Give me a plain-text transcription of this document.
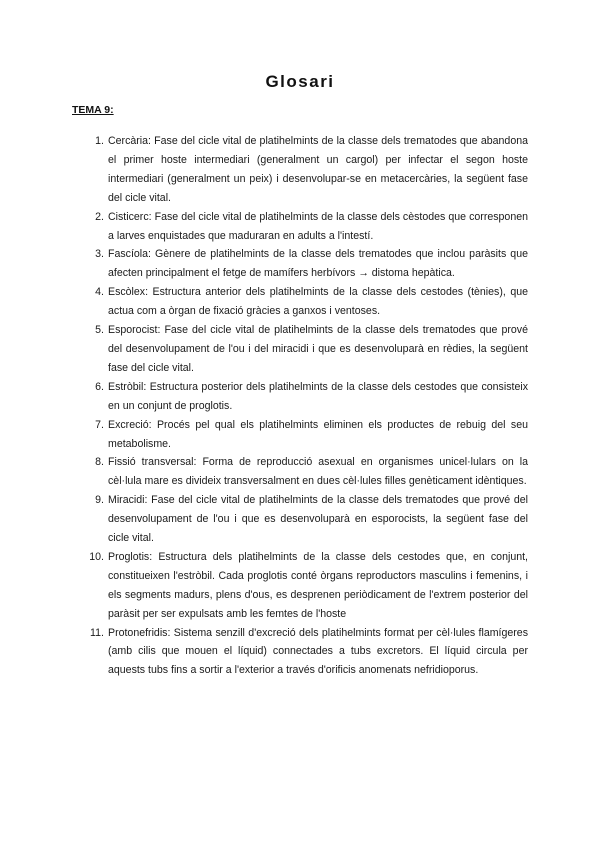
Glosari
TEMA 9:
1. Cercària: Fase del cicle vital de platihelmints de la classe dels trematodes que abandona el primer hoste intermediari (generalment un cargol) per infectar el segon hoste intermediari (generalment un peix) i desenvolupar-se en metacercàries, la següent fase del cicle vital.
2. Cisticerc: Fase del cicle vital de platihelmints de la classe dels cèstodes que corresponen a larves enquistades que maduraran en adults a l'intestí.
3. Fascíola: Gènere de platihelmints de la classe dels trematodes que inclou paràsits que afecten principalment el fetge de mamífers herbívors → distoma hepàtica.
4. Escòlex: Estructura anterior dels platihelmints de la classe dels cestodes (tènies), que actua com a òrgan de fixació gràcies a ganxos i ventoses.
5. Esporocist: Fase del cicle vital de platihelmints de la classe dels trematodes que prové del desenvolupament de l'ou i del miracidi i que es desenvoluparà en rèdies, la següent fase del cicle vital.
6. Estròbil: Estructura posterior dels platihelmints de la classe dels cestodes que consisteix en un conjunt de proglotis.
7. Excreció: Procés pel qual els platihelmints eliminen els productes de rebuig del seu metabolisme.
8. Fissió transversal: Forma de reproducció asexual en organismes unicel·lulars on la cèl·lula mare es divideix transversalment en dues cèl·lules filles genèticament idèntiques.
9. Miracidi: Fase del cicle vital de platihelmints de la classe dels trematodes que prové del desenvolupament de l'ou i que es desenvoluparà en esporocists, la següent fase del cicle vital.
10. Proglotis: Estructura dels platihelmints de la classe dels cestodes que, en conjunt, constitueixen l'estròbil. Cada proglotis conté òrgans reproductors masculins i femenins, i els segments madurs, plens d'ous, es desprenen periòdicament de l'extrem posterior del paràsit per ser expulsats amb les femtes de l'hoste
11. Protonefridis: Sistema senzill d'excreció dels platihelmints format per cèl·lules flamígeres (amb cilis que mouen el líquid) connectades a tubs excretors. El líquid circula per aquests tubs fins a sortir a l'exterior a través d'orificis anomenats nefridioporus.
